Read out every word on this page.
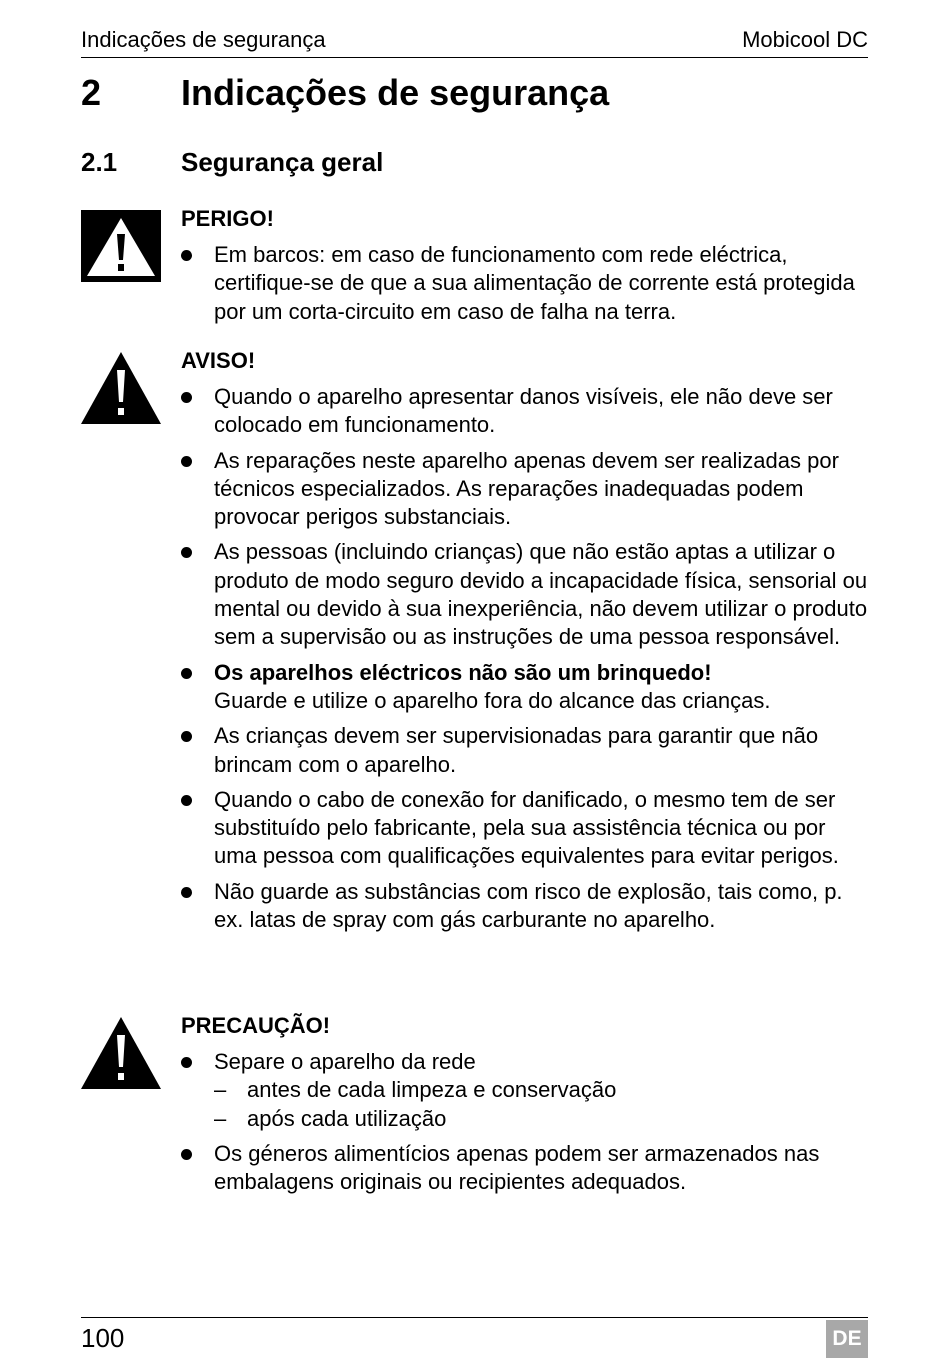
Indicações de segurança	Mobicool DC
2 Indicações de segurança
2.1 Segurança geral
PERIGO!
Em barcos: em caso de funcionamento com rede eléctrica, certifique-se de que a sua alimentação de corrente está protegida por um corta-circuito em caso de falha na terra.
AVISO!
Quando o aparelho apresentar danos visíveis, ele não deve ser colocado em funcionamento.
As reparações neste aparelho apenas devem ser realizadas por técnicos especializados. As reparações inadequadas podem provocar perigos substanciais.
As pessoas (incluindo crianças) que não estão aptas a utilizar o produto de modo seguro devido a incapacidade física, sensorial ou mental ou devido à sua inexperiência, não devem utilizar o produto sem a supervisão ou as instruções de uma pessoa responsável.
Os aparelhos eléctricos não são um brinquedo!
Guarde e utilize o aparelho fora do alcance das crianças.
As crianças devem ser supervisionadas para garantir que não brincam com o aparelho.
Quando o cabo de conexão for danificado, o mesmo tem de ser substituído pelo fabricante, pela sua assistência técnica ou por uma pessoa com qualificações equivalentes para evitar perigos.
Não guarde as substâncias com risco de explosão, tais como, p. ex. latas de spray com gás carburante no aparelho.
PRECAUÇÃO!
Separe o aparelho da rede
– antes de cada limpeza e conservação
– após cada utilização
Os géneros alimentícios apenas podem ser armazenados nas embalagens originais ou recipientes adequados.
100	DE
